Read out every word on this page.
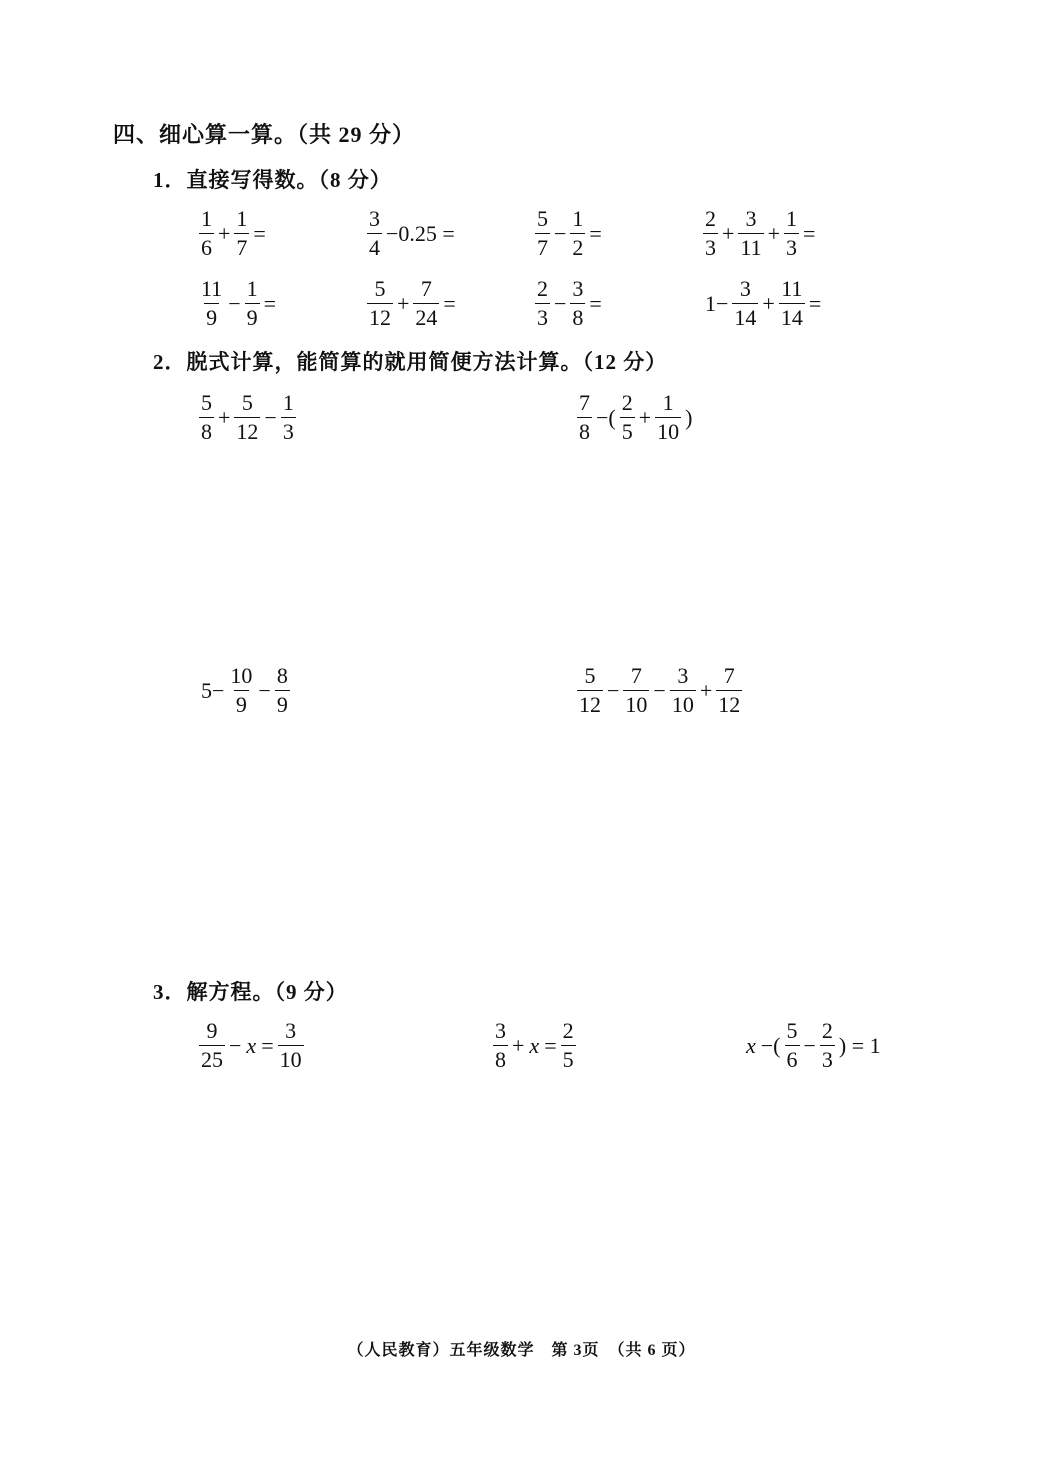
四、细心算一算。（共 29 分）
1．直接写得数。（8 分）
$\frac{1}{6} + \frac{1}{7}$ =	$\frac{3}{4} -0.25$ =	$\frac{5}{7} - \frac{1}{2}$ =	$\frac{2}{3} + \frac{3}{11} + \frac{1}{3}$ =
$\frac{11}{9} - \frac{1}{9}$ =	$\frac{5}{12} + \frac{7}{24}$ =	$\frac{2}{3} - \frac{3}{8}$ =	$1- \frac{3}{14} + \frac{11}{14}$ =
2．脱式计算，能简算的就用简便方法计算。（12 分）
$\frac{5}{8} + \frac{5}{12} - \frac{1}{3}$	$\frac{7}{8}$ −( $\frac{2}{5} + \frac{1}{10}$ )
$5- \frac{10}{9} - \frac{8}{9}$	$\frac{5}{12} - \frac{7}{10} - \frac{3}{10} + \frac{7}{12}$
3．解方程。（9 分）
$\frac{9}{25} - x = \frac{3}{10}$	$\frac{3}{8} + x = \frac{2}{5}$	x −( $\frac{5}{6} - \frac{2}{3}$ ) = 1
（人民教育）五年级数学　第 3页　（共 6 页）
